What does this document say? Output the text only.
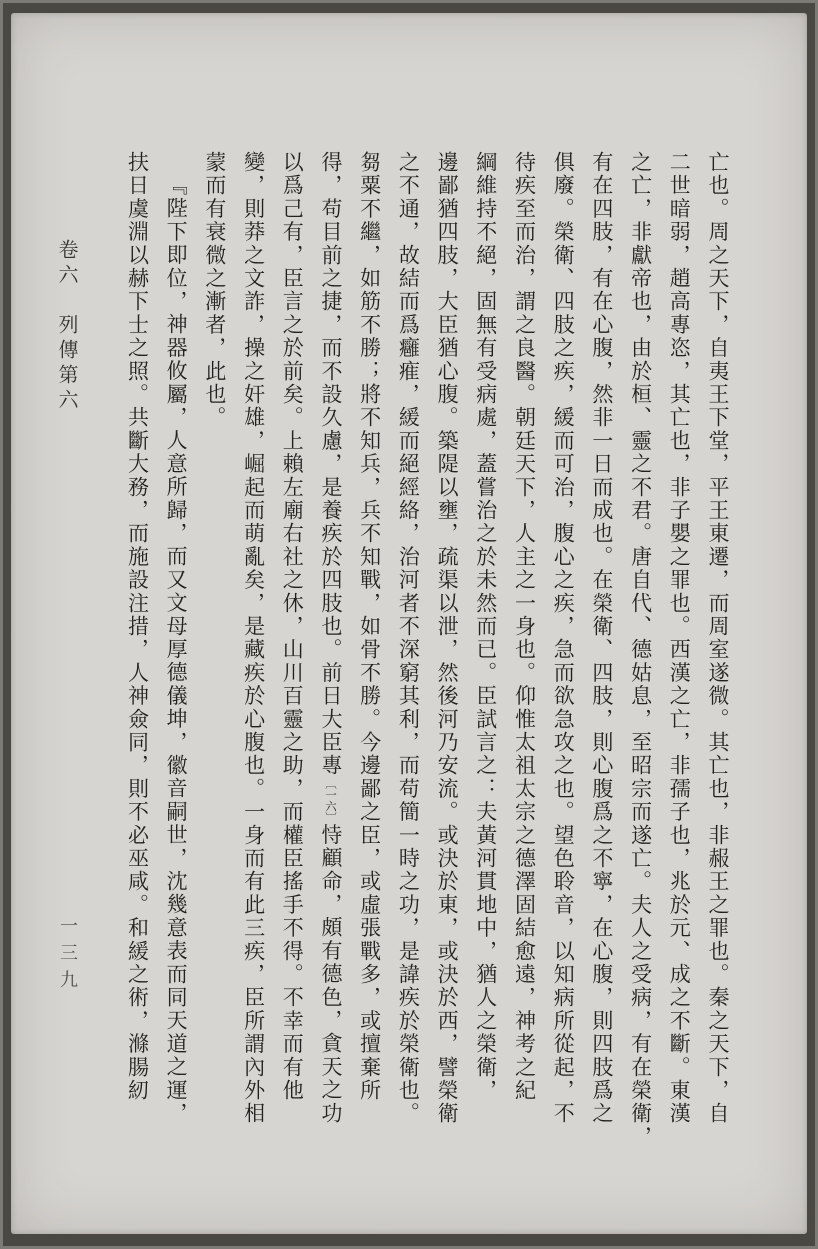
卷六　列傳第六
一三九	亡也。周之天下，自夷王下堂，平王東遷，而周室遂微。其亡也，非赧王之罪也。秦之天下，自
二世暗弱，趙高專恣，其亡也，非子嬰之罪也。西漢之亡，非孺子也，兆於元、成之不斷。東漢
之亡，非獻帝也，由於桓、靈之不君。唐自代、德姑息，至昭宗而遂亡。夫人之受病，有在榮衛，
有在四肢，有在心腹，然非一日而成也。在榮衛、四肢，則心腹爲之不寧，在心腹，則四肢爲之
俱廢。榮衛、四肢之疾，緩而可治，腹心之疾，急而欲急攻之也。望色聆音，以知病所從起，不
待疾至而治，謂之良醫。朝廷天下，人主之一身也。仰惟太祖太宗之德澤固結愈遠，神考之紀
綱維持不絕，固無有受病處，蓋嘗治之於未然而已。臣試言之：夫黃河貫地中，猶人之榮衛，
邊鄙猶四肢，大臣猶心腹。築隄以壅，疏渠以泄，然後河乃安流。或決於東，或決於西，譬榮衛
之不通，故結而爲癰痽，緩而絕經絡，治河者不深窮其利，而苟簡一時之功，是諱疾於榮衛也。
芻粟不繼，如筋不勝；將不知兵，兵不知戰，如骨不勝。今邊鄙之臣，或虛張戰多，或擅棄所
得，苟目前之捷，而不設久慮，是養疾於四肢也。前日大臣專〔一六〕恃顧命，頗有德色，貪天之功
以爲己有，臣言之於前矣。上賴左廟右社之休，山川百靈之助，而權臣搖手不得。不幸而有他
變，則莽之文詐，操之奸雄，崛起而萌亂矣，是藏疾於心腹也。一身而有此三疾，臣所謂內外相
蒙而有衰微之漸者，此也。
『陛下即位，神器攸屬，人意所歸，而又文母厚德儀坤，徽音嗣世，沈幾意表而同天道之運，
扶日虞淵以赫下士之照。共斷大務，而施設注措，人神僉同，則不必巫咸。和緩之術，滌腸紉
